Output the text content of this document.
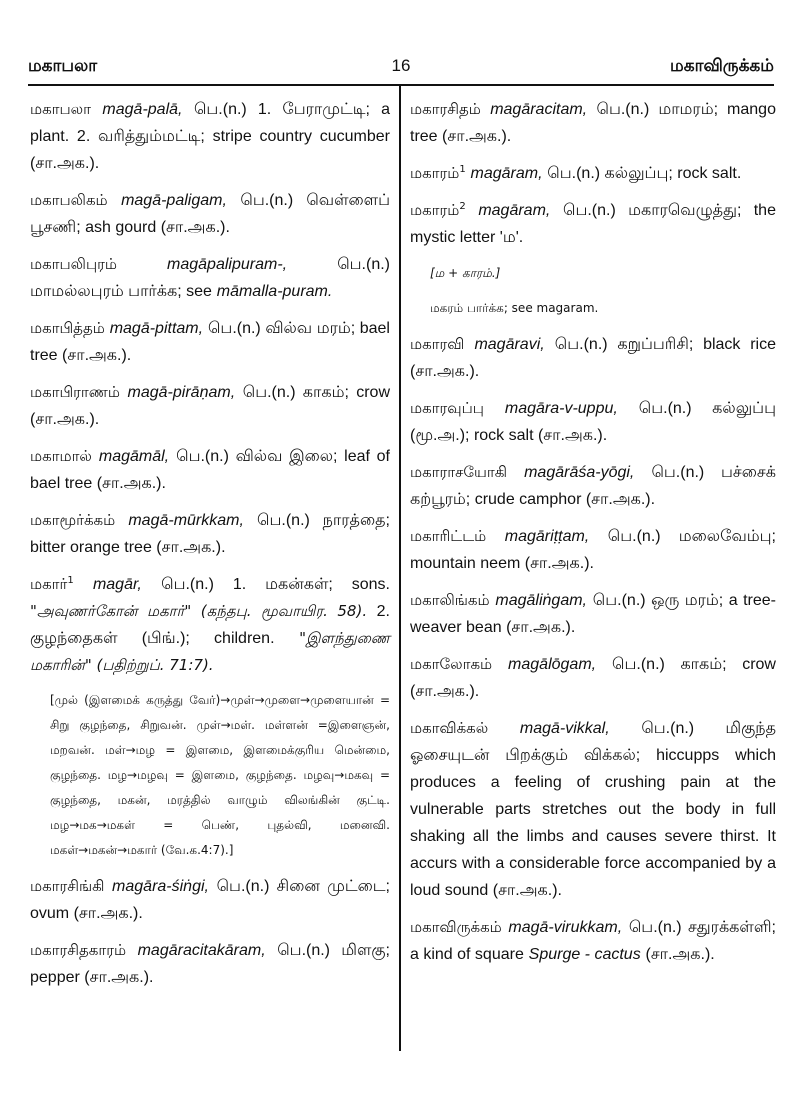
மகாபலா	16	மகாவிருக்கம்
மகாபலா magā-palā, பெ.(n.) 1. பேராமுட்டி; a plant. 2. வரித்தும்மட்டி; stripe country cucumber (சா.அக.).
மகாபலிகம் magā-paligam, பெ.(n.) வெள்ளைப் பூசணி; ash gourd (சா.அக.).
மகாபலிபுரம்	magāpalipuram-,	பெ.(n.) மாமல்லபுரம் பார்க்க; see māmalla-puram.
மகாபித்தம் magā-pittam, பெ.(n.) வில்வ மரம்; bael tree (சா.அக.).
மகாபிராணம் magā-pirāṇam, பெ.(n.) காகம்; crow (சா.அக.).
மகாமால் magāmāl, பெ.(n.) வில்வ இலை; leaf of bael tree (சா.அக.).
மகாமூர்க்கம் magā-mūrkkam, பெ.(n.) நாரத்தை; bitter orange tree (சா.அக.).
மகார்$^1$ magār, பெ.(n.) 1. மகன்கள்; sons. "அவுணர்கோன் மகார்" (கந்தபு. மூவாயிர. 58). 2. குழந்தைகள் (பிங்.); children. "இளந்துணை மகாரின்" (பதிற்றுப். 71:7).
[முல் (இளமைக் கருத்து வேர்)→முள்→முளை→முளையான் = சிறு குழந்தை, சிறுவன். முள்→மள். மள்ளன் =இளைஞன், மறவன். மள்→மழ = இளமை, இளமைக்குரிய மென்மை, குழந்தை. மழ→மழவு = இளமை, குழந்தை. மழவு→மகவு = குழந்தை, மகன், மரத்தில் வாழும் விலங்கின் குட்டி. மழ→மக→மகள் = பெண், புதல்வி, மனைவி. மகள்→மகன்→மகார் (வே.க.4:7).]
மகாரசிங்கி magāra-śiṅgi, பெ.(n.) சினை முட்டை; ovum (சா.அக.).
மகாரசிதகாரம் magāracitakāram, பெ.(n.) மிளகு; pepper (சா.அக.).
மகாரசிதம் magāracitam, பெ.(n.) மாமரம்; mango tree (சா.அக.).
மகாரம்$^1$ magāram, பெ.(n.) கல்லுப்பு; rock salt.
மகாரம்$^2$ magāram, பெ.(n.) மகாரவெழுத்து; the mystic letter 'ம'.
[ம + காரம்.]
மகரம் பார்க்க; see magaram.
மகாரவி magāravi, பெ.(n.) கறுப்பரிசி; black rice (சா.அக.).
மகாரவுப்பு magāra-v-uppu, பெ.(n.) கல்லுப்பு (மூ.அ.); rock salt (சா.அக.).
மகாராசயோகி magārāśa-yōgi, பெ.(n.) பச்சைக் கற்பூரம்; crude camphor (சா.அக.).
மகாரிட்டம் magāriṭṭam, பெ.(n.) மலைவேம்பு; mountain neem (சா.அக.).
மகாலிங்கம் magāliṅgam, பெ.(n.) ஒரு மரம்; a tree-weaver bean (சா.அக.).
மகாலோகம் magālōgam, பெ.(n.) காகம்; crow (சா.அக.).
மகாவிக்கல் magā-vikkal, பெ.(n.) மிகுந்த ஓசையுடன் பிறக்கும் விக்கல்; hiccupps which produces a feeling of crushing pain at the vulnerable parts stretches out the body in full shaking all the limbs and causes severe thirst. It accurs with a considerable force accompanied by a loud sound (சா.அக.).
மகாவிருக்கம் magā-virukkam, பெ.(n.) சதுரக்கள்ளி; a kind of square Spurge - cactus (சா.அக.).
